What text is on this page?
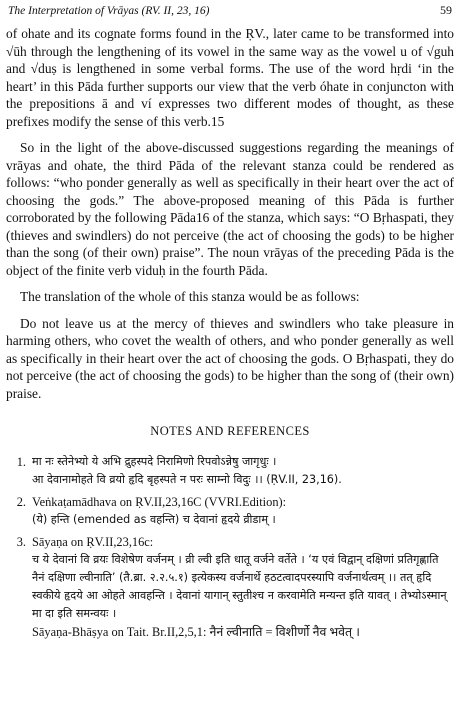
The Interpretation of Vrāyas (RV. II, 23, 16)	59

of ohate and its cognate forms found in the ṚV., later came to be transformed into √ūh through the lengthening of its vowel in the same way as the vowel u of √guh and √duṣ is lengthened in some verbal forms. The use of the word hṛdi ‘in the heart’ in this Pāda further supports our view that the verb óhate in conjuncton with the prepositions ā and ví expresses two different modes of thought, as these prefixes modify the sense of this verb.15

So in the light of the above-discussed suggestions regarding the meanings of vrāyas and ohate, the third Pāda of the relevant stanza could be rendered as follows: “who ponder generally as well as specifically in their heart over the act of choosing the gods.” The above-proposed meaning of this Pāda is further corroborated by the following Pāda16 of the stanza, which says: “O Bṛhaspati, they (thieves and swindlers) do not perceive (the act of choosing the gods) to be higher than the song (of their own) praise”. The noun vrāyas of the preceding Pāda is the object of the finite verb viduḥ in the fourth Pāda.

The translation of the whole of this stanza would be as follows:

Do not leave us at the mercy of thieves and swindlers who take pleasure in harming others, who covet the wealth of others, and who ponder generally as well as specifically in their heart over the act of choosing the gods. O Bṛhaspati, they do not perceive (the act of choosing the gods) to be higher than the song of (their own) praise.

NOTES AND REFERENCES
1. मा नः स्तेनेभ्यो ये अभि द्रुहस्पदे निरामिणो रिपवोऽन्नेषु जागृधुः ।
आ देवानामोहते वि व्रयो हृदि बृहस्पते न परः साम्नो विदुः ।। (ṚV.II, 23,16).
2. Veṅkaṭamādhava on ṚV.II,23,16C (VVRI.Edition):
(ये) हन्ति (emended as वहन्ति) च देवानां हृदये व्रीडाम् ।
3. Sāyaṇa on ṚV.II,23,16c:
च ये देवानां वि व्रयः विशेषेण वर्जनम् । व्री ल्वी इति धातू वर्जने वर्तेते । ‘य एवं विद्वान् दक्षिणां प्रतिगृह्णाति नैनं दक्षिणा ल्वीनाति’ (तै.ब्रा. २.२.५.१) इत्येकस्य वर्जनार्थे हठटत्वादपरस्यापि वर्जनार्थत्वम् ।। तत् हृदि स्वकीये हृदये आ ओहते आवहन्ति । देवानां यागान् स्तुतीश्च न करवामेति मन्यन्त इति यावत् । तेभ्योऽस्मान् मा दा इति समन्वयः ।
Sāyaṇa-Bhāṣya on Tait. Br.II,2,5,1: नैनं ल्वीनाति = विशीर्णो नैव भवेत् ।
